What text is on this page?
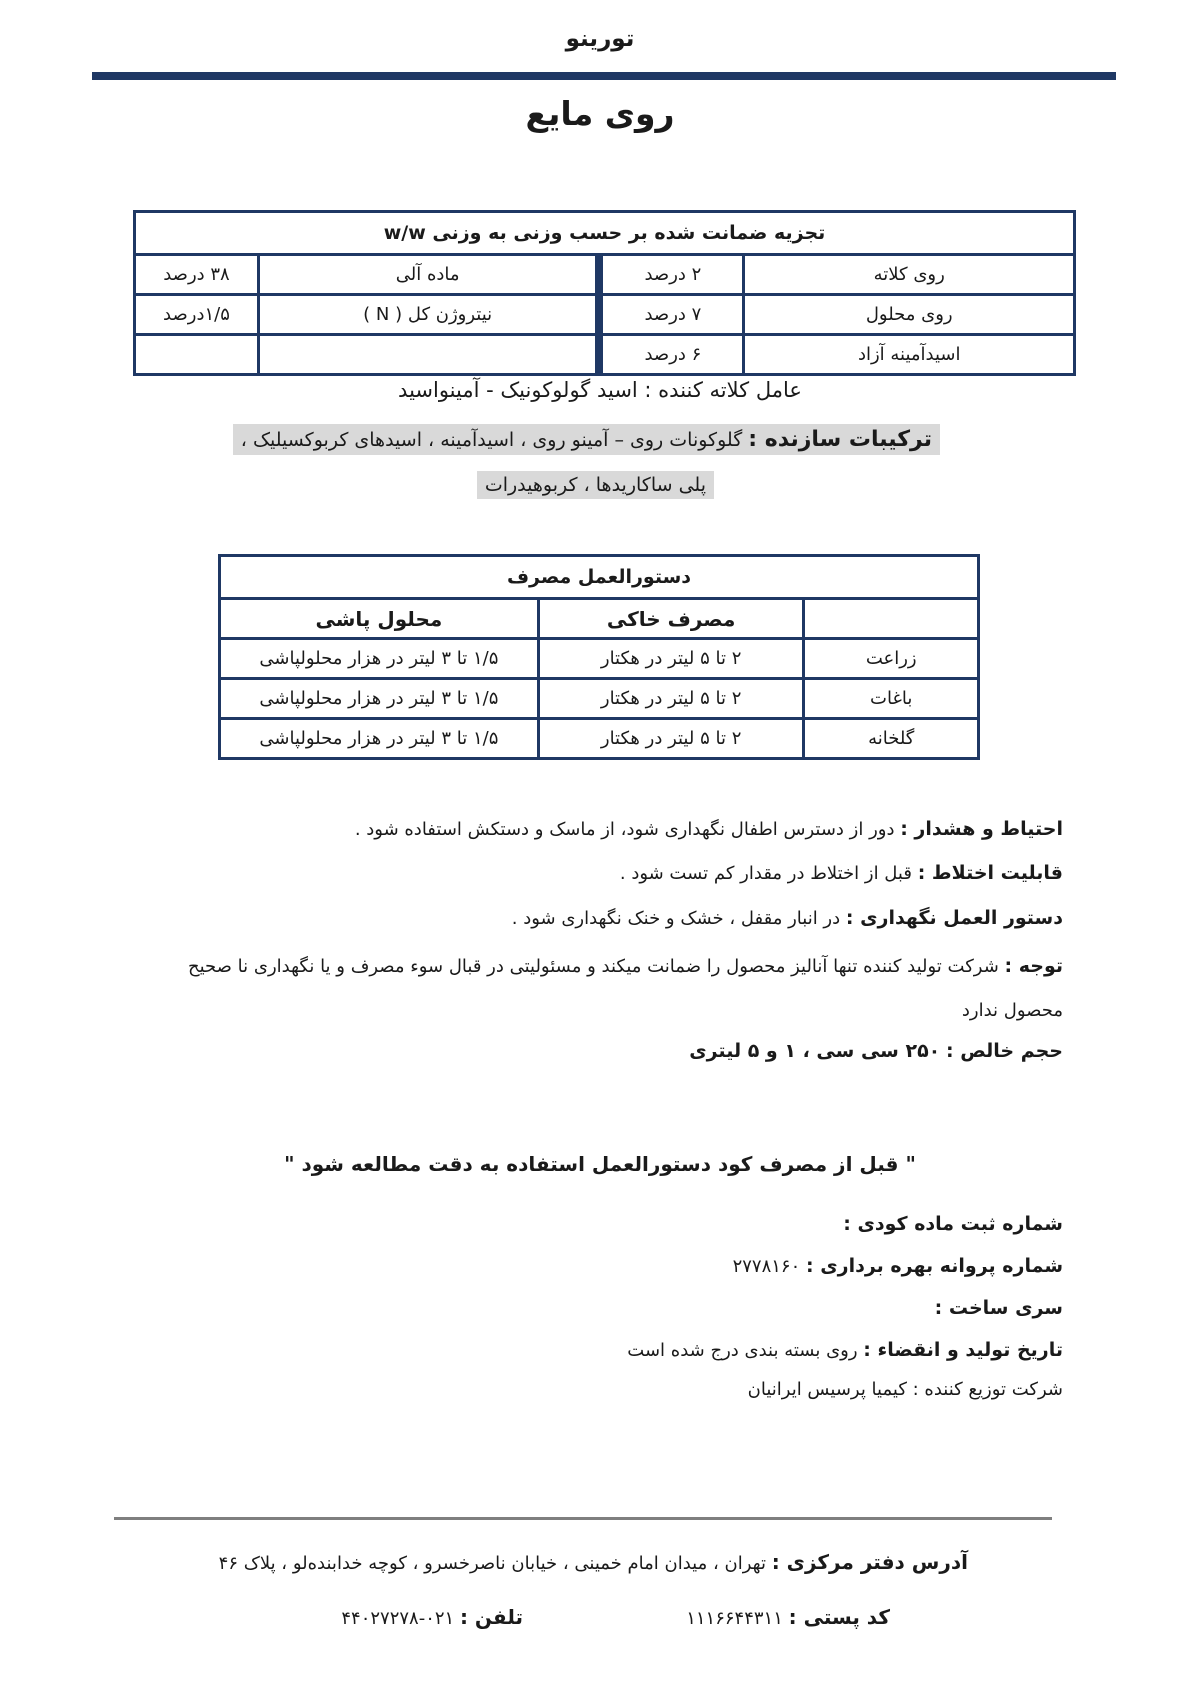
تورینو
روی مایع
تجزیه ضمانت شده بر حسب وزنی به وزنی w/w			
روی کلاته	۲ درصد	ماده آلی	۳۸ درصد
روی محلول	۷ درصد	نیتروژن کل ( N )	۱/۵درصد
اسیدآمینه آزاد	۶ درصد		
عامل کلاته کننده : اسید گولوکونیک - آمینواسید
ترکیبات سازنده : گلوکونات روی – آمینو روی ، اسیدآمینه ، اسیدهای کربوکسیلیک ،
پلی ساکاریدها ، کربوهیدرات
دستورالعمل مصرف		
	مصرف خاکی	محلول پاشی
زراعت	۲ تا ۵ لیتر در هکتار	۱/۵ تا ۳ لیتر در هزار محلولپاشی
باغات	۲ تا ۵ لیتر در هکتار	۱/۵ تا ۳ لیتر در هزار محلولپاشی
گلخانه	۲ تا ۵ لیتر در هکتار	۱/۵ تا ۳ لیتر در هزار محلولپاشی
احتیاط و هشدار : دور از دسترس اطفال نگهداری شود، از ماسک و دستکش استفاده شود .
قابلیت اختلاط : قبل از اختلاط در مقدار کم تست شود .
دستور العمل نگهداری : در انبار مقفل ، خشک و خنک نگهداری شود .
توجه : شرکت تولید کننده تنها آنالیز محصول را ضمانت میکند و مسئولیتی در قبال سوء مصرف و یا نگهداری نا صحیح محصول ندارد
حجم خالص : ۲۵۰ سی سی ، ۱ و ۵ لیتری
" قبل از مصرف کود دستورالعمل استفاده به دقت مطالعه شود "
شماره ثبت ماده کودی :
شماره پروانه بهره برداری : ۲۷۷۸۱۶۰
سری ساخت :
تاریخ تولید و انقضاء : روی بسته بندی درج شده است
شرکت توزیع کننده : کیمیا پرسیس ایرانیان
آدرس دفتر مرکزی : تهران ، میدان امام خمینی ، خیابان ناصرخسرو ، کوچه خدابنده‌لو ، پلاک ۴۶
کد پستی : ۱۱۱۶۶۴۴۳۱۱
تلفن : ۰۲۱-۴۴۰۲۷۲۷۸
